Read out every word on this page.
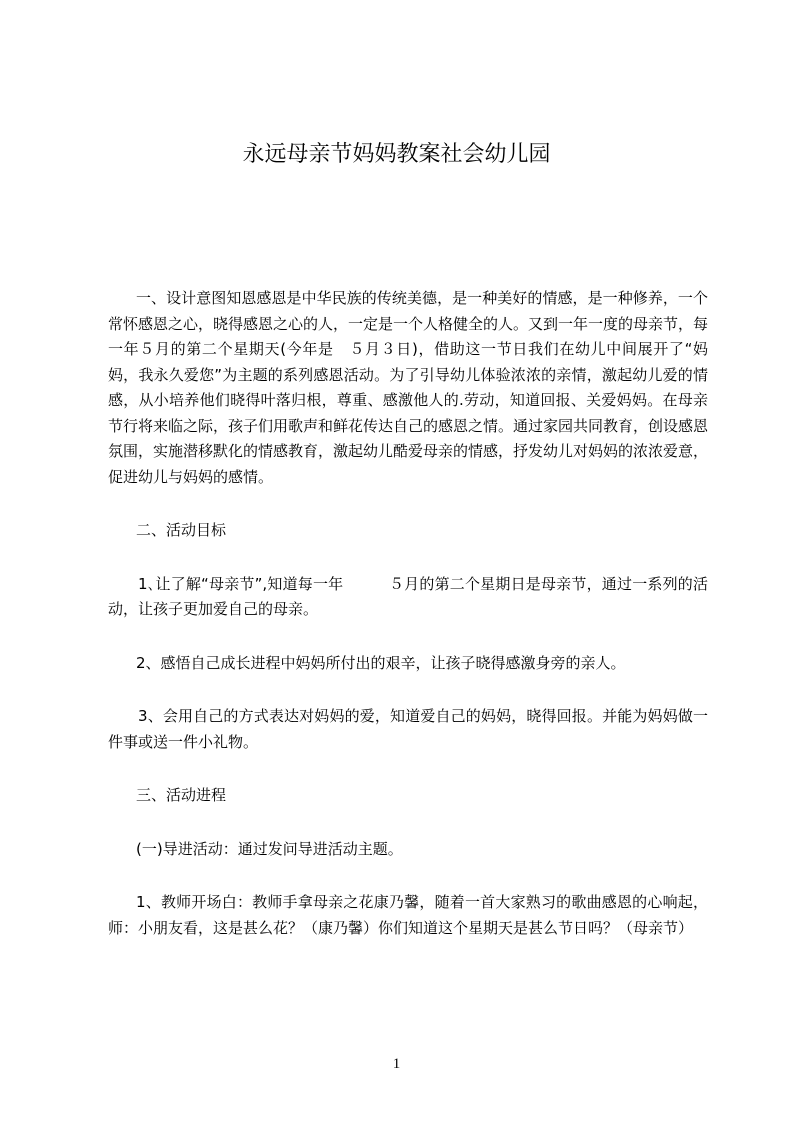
永远母亲节妈妈教案社会幼儿园

一、设计意图知恩感恩是中华民族的传统美德，是一种美好的情感，是一种修养，一个常怀感恩之心，晓得感恩之心的人，一定是一个人格健全的人。又到一年一度的母亲节，每一年５月的第二个星期天(今年是　５月３日)，借助这一节日我们在幼儿中间展开了“妈妈，我永久爱您”为主题的系列感恩活动。为了引导幼儿体验浓浓的亲情，激起幼儿爱的情感，从小培养他们晓得叶落归根，尊重、感激他人的.劳动，知道回报、关爱妈妈。在母亲节行将来临之际，孩子们用歌声和鲜花传达自己的感恩之情。通过家园共同教育，创设感恩氛围，实施潜移默化的情感教育，激起幼儿酷爱母亲的情感，抒发幼儿对妈妈的浓浓爱意，促进幼儿与妈妈的感情。

二、活动目标

1､让了解“母亲节”,知道每一年　　　５月的第二个星期日是母亲节，通过一系列的活动，让孩子更加爱自己的母亲。

2、感悟自己成长进程中妈妈所付出的艰辛，让孩子晓得感激身旁的亲人。

3、会用自己的方式表达对妈妈的爱，知道爱自己的妈妈，晓得回报。并能为妈妈做一件事或送一件小礼物。

三、活动进程

(一)导进活动：通过发问导进活动主题。

1、教师开场白：教师手拿母亲之花康乃馨，随着一首大家熟习的歌曲感恩的心响起，师：小朋友看，这是甚么花？（康乃馨）你们知道这个星期天是甚么节日吗？（母亲节）

1
